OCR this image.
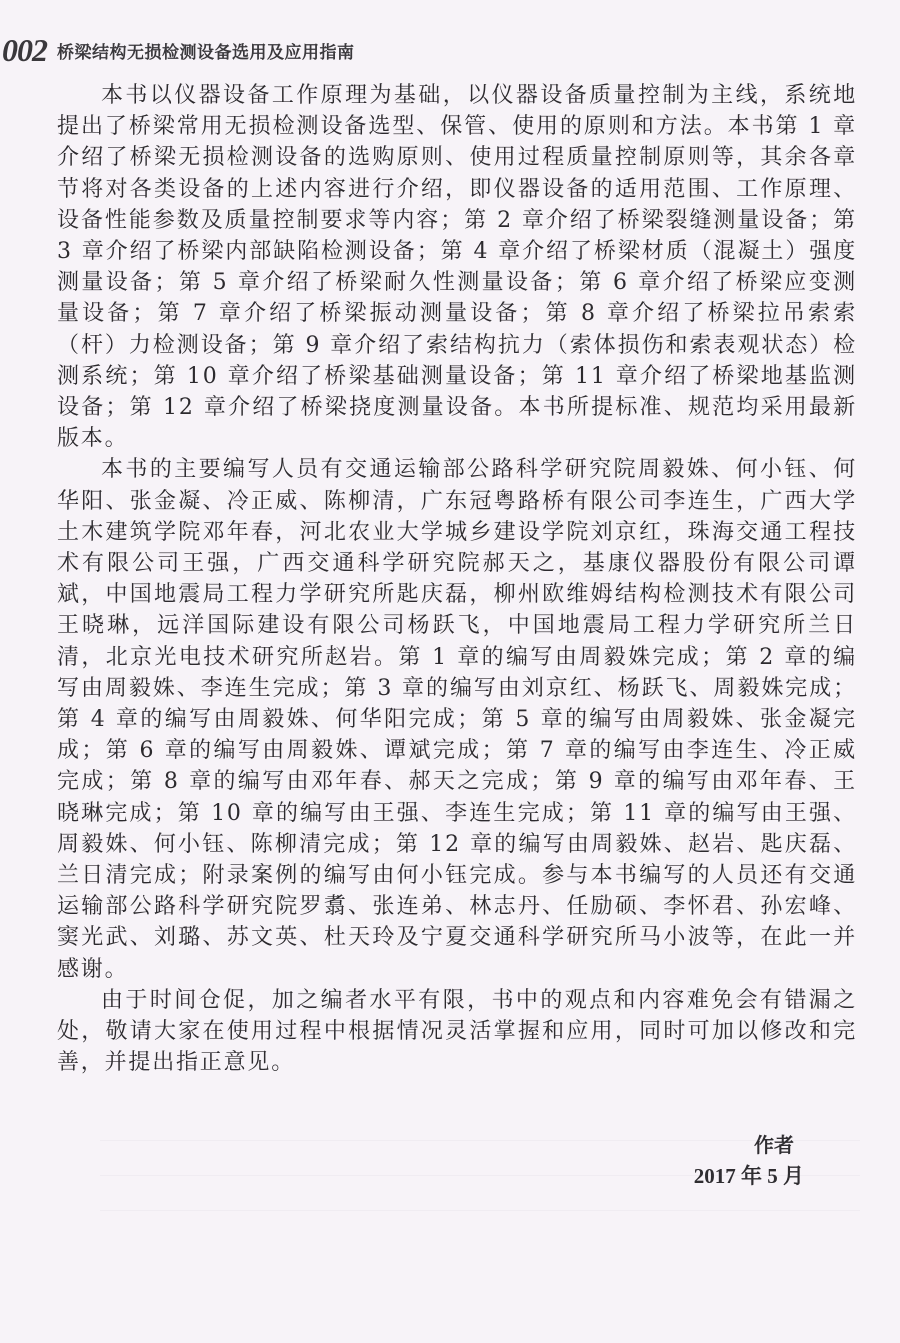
002 桥梁结构无损检测设备选用及应用指南

本书以仪器设备工作原理为基础，以仪器设备质量控制为主线，系统地提出了桥梁常用无损检测设备选型、保管、使用的原则和方法。本书第 1 章介绍了桥梁无损检测设备的选购原则、使用过程质量控制原则等，其余各章节将对各类设备的上述内容进行介绍，即仪器设备的适用范围、工作原理、设备性能参数及质量控制要求等内容；第 2 章介绍了桥梁裂缝测量设备；第 3 章介绍了桥梁内部缺陷检测设备；第 4 章介绍了桥梁材质（混凝土）强度测量设备；第 5 章介绍了桥梁耐久性测量设备；第 6 章介绍了桥梁应变测量设备；第 7 章介绍了桥梁振动测量设备；第 8 章介绍了桥梁拉吊索索（杆）力检测设备；第 9 章介绍了索结构抗力（索体损伤和索表观状态）检测系统；第 10 章介绍了桥梁基础测量设备；第 11 章介绍了桥梁地基监测设备；第 12 章介绍了桥梁挠度测量设备。本书所提标准、规范均采用最新版本。

本书的主要编写人员有交通运输部公路科学研究院周毅姝、何小钰、何华阳、张金凝、冷正威、陈柳清，广东冠粤路桥有限公司李连生，广西大学土木建筑学院邓年春，河北农业大学城乡建设学院刘京红，珠海交通工程技术有限公司王强，广西交通科学研究院郝天之，基康仪器股份有限公司谭斌，中国地震局工程力学研究所匙庆磊，柳州欧维姆结构检测技术有限公司王晓琳，远洋国际建设有限公司杨跃飞，中国地震局工程力学研究所兰日清，北京光电技术研究所赵岩。第 1 章的编写由周毅姝完成；第 2 章的编写由周毅姝、李连生完成；第 3 章的编写由刘京红、杨跃飞、周毅姝完成；第 4 章的编写由周毅姝、何华阳完成；第 5 章的编写由周毅姝、张金凝完成；第 6 章的编写由周毅姝、谭斌完成；第 7 章的编写由李连生、冷正威完成；第 8 章的编写由邓年春、郝天之完成；第 9 章的编写由邓年春、王晓琳完成；第 10 章的编写由王强、李连生完成；第 11 章的编写由王强、周毅姝、何小钰、陈柳清完成；第 12 章的编写由周毅姝、赵岩、匙庆磊、兰日清完成；附录案例的编写由何小钰完成。参与本书编写的人员还有交通运输部公路科学研究院罗翥、张连弟、林志丹、任励硕、李怀君、孙宏峰、窦光武、刘璐、苏文英、杜天玲及宁夏交通科学研究所马小波等，在此一并感谢。

由于时间仓促，加之编者水平有限，书中的观点和内容难免会有错漏之处，敬请大家在使用过程中根据情况灵活掌握和应用，同时可加以修改和完善，并提出指正意见。

作者
2017 年 5 月
